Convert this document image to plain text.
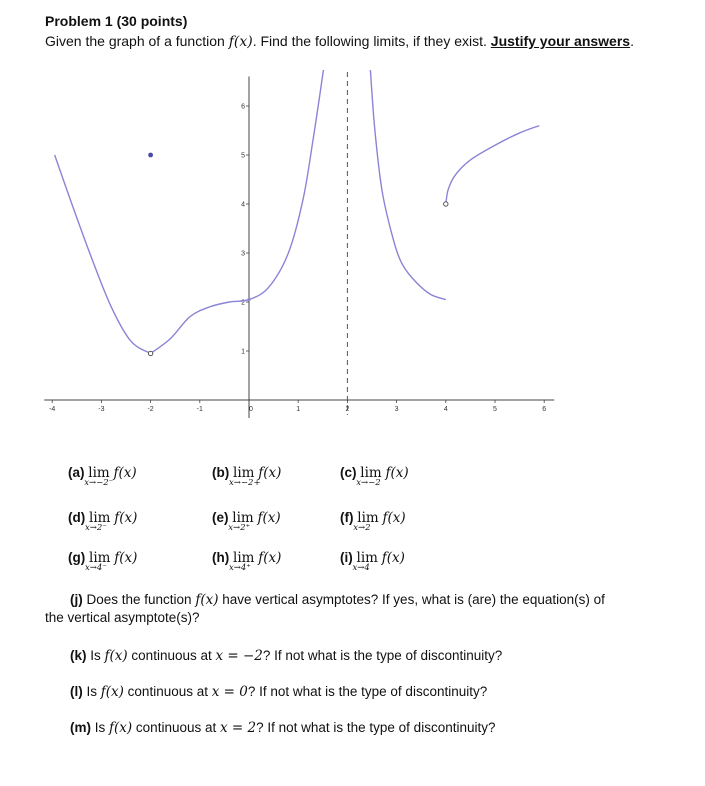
Problem 1 (30 points)
Given the graph of a function f(x). Find the following limits, if they exist. Justify your answers.
-4	-3	-2	-1	0	1	2	3	4	5	6
1
2
3
4
5
6
(a) lim
x→−2⁻
f(x)	(b) lim
x→−2+
f(x)	(c) lim
x→−2
f(x)
(d) lim
x→2⁻
f(x)	(e) lim
x→2⁺
f(x)	(f) lim
x→2
f(x)
(g) lim
x→4⁻
f(x)	(h) lim
x→4⁺
f(x)	(i) lim
x→4
f(x)
(j) Does the function f(x) have vertical asymptotes? If yes, what is (are) the equation(s) of
the vertical asymptote(s)?
(k) Is f(x) continuous at x = −2? If not what is the type of discontinuity?
(l) Is f(x) continuous at x = 0? If not what is the type of discontinuity?
(m) Is f(x) continuous at x = 2? If not what is the type of discontinuity?
